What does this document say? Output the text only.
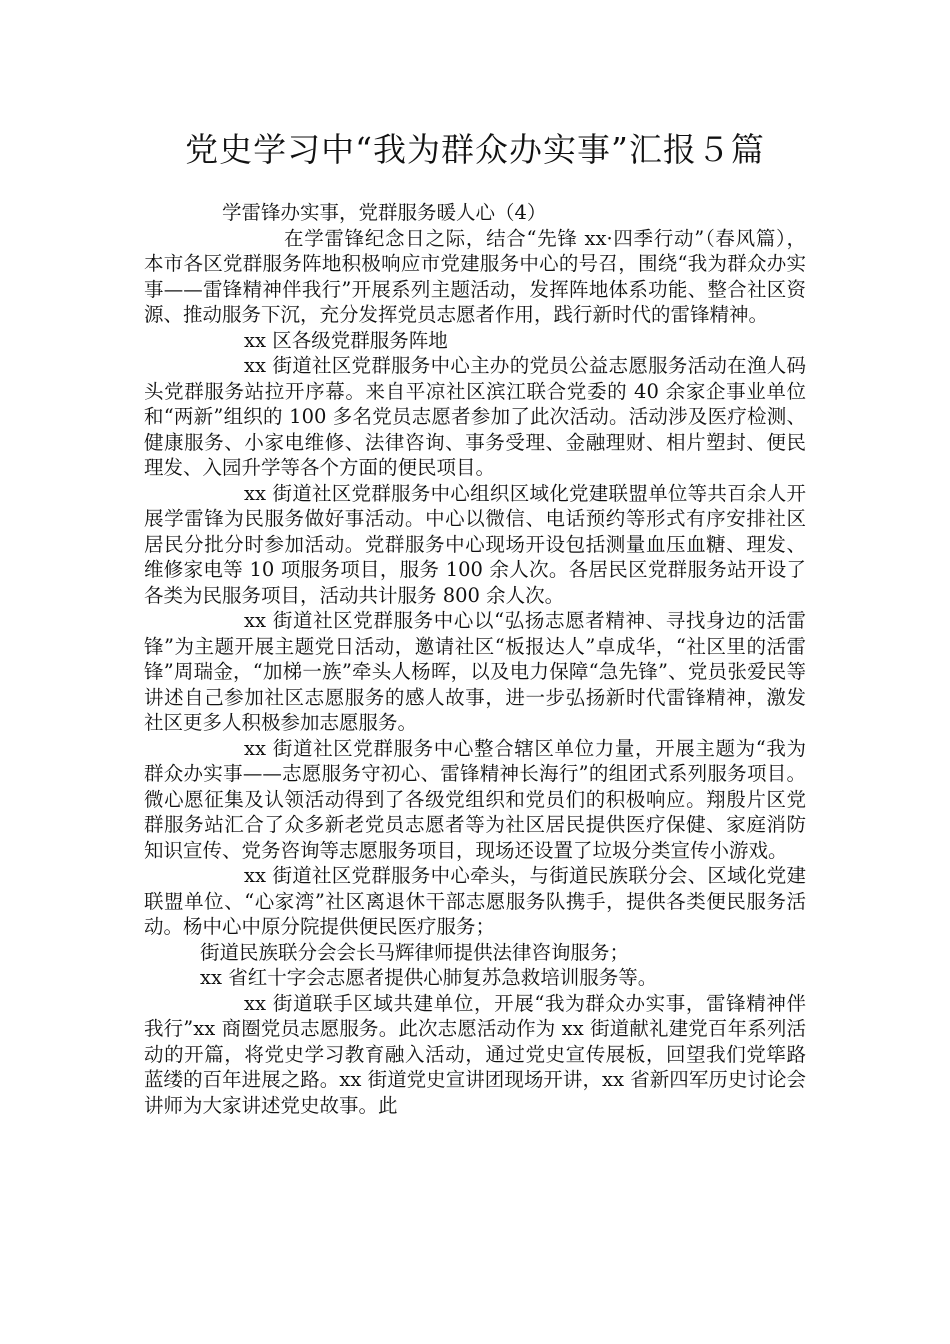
党史学习中“我为群众办实事”汇报５篇

学雷锋办实事，党群服务暖人心（4）

在学雷锋纪念日之际，结合“先锋 xx·四季行动”（春风篇），本市各区党群服务阵地积极响应市党建服务中心的号召，围绕“我为群众办实事——雷锋精神伴我行”开展系列主题活动，发挥阵地体系功能、整合社区资源、推动服务下沉，充分发挥党员志愿者作用，践行新时代的雷锋精神。

xx 区各级党群服务阵地

xx 街道社区党群服务中心主办的党员公益志愿服务活动在渔人码头党群服务站拉开序幕。来自平凉社区滨江联合党委的 40 余家企事业单位和“两新”组织的 100 多名党员志愿者参加了此次活动。活动涉及医疗检测、健康服务、小家电维修、法律咨询、事务受理、金融理财、相片塑封、便民理发、入园升学等各个方面的便民项目。

xx 街道社区党群服务中心组织区域化党建联盟单位等共百余人开展学雷锋为民服务做好事活动。中心以微信、电话预约等形式有序安排社区居民分批分时参加活动。党群服务中心现场开设包括测量血压血糖、理发、维修家电等 10 项服务项目，服务 100 余人次。各居民区党群服务站开设了各类为民服务项目，活动共计服务 800 余人次。

xx 街道社区党群服务中心以“弘扬志愿者精神、寻找身边的活雷锋”为主题开展主题党日活动，邀请社区“板报达人”卓成华，“社区里的活雷锋”周瑞金，“加梯一族”牵头人杨晖，以及电力保障“急先锋”、党员张爱民等讲述自己参加社区志愿服务的感人故事，进一步弘扬新时代雷锋精神，激发社区更多人积极参加志愿服务。

xx 街道社区党群服务中心整合辖区单位力量，开展主题为“我为群众办实事——志愿服务守初心、雷锋精神长海行”的组团式系列服务项目。微心愿征集及认领活动得到了各级党组织和党员们的积极响应。翔殷片区党群服务站汇合了众多新老党员志愿者等为社区居民提供医疗保健、家庭消防知识宣传、党务咨询等志愿服务项目，现场还设置了垃圾分类宣传小游戏。

xx 街道社区党群服务中心牵头，与街道民族联分会、区域化党建联盟单位、“心家湾”社区离退休干部志愿服务队携手，提供各类便民服务活动。杨中心中原分院提供便民医疗服务；

街道民族联分会会长马辉律师提供法律咨询服务；

xx 省红十字会志愿者提供心肺复苏急救培训服务等。

xx 街道联手区域共建单位，开展“我为群众办实事，雷锋精神伴我行”xx 商圈党员志愿服务。此次志愿活动作为 xx 街道献礼建党百年系列活动的开篇，将党史学习教育融入活动，通过党史宣传展板，回望我们党筚路蓝缕的百年进展之路。xx 街道党史宣讲团现场开讲，xx 省新四军历史讨论会讲师为大家讲述党史故事。此
